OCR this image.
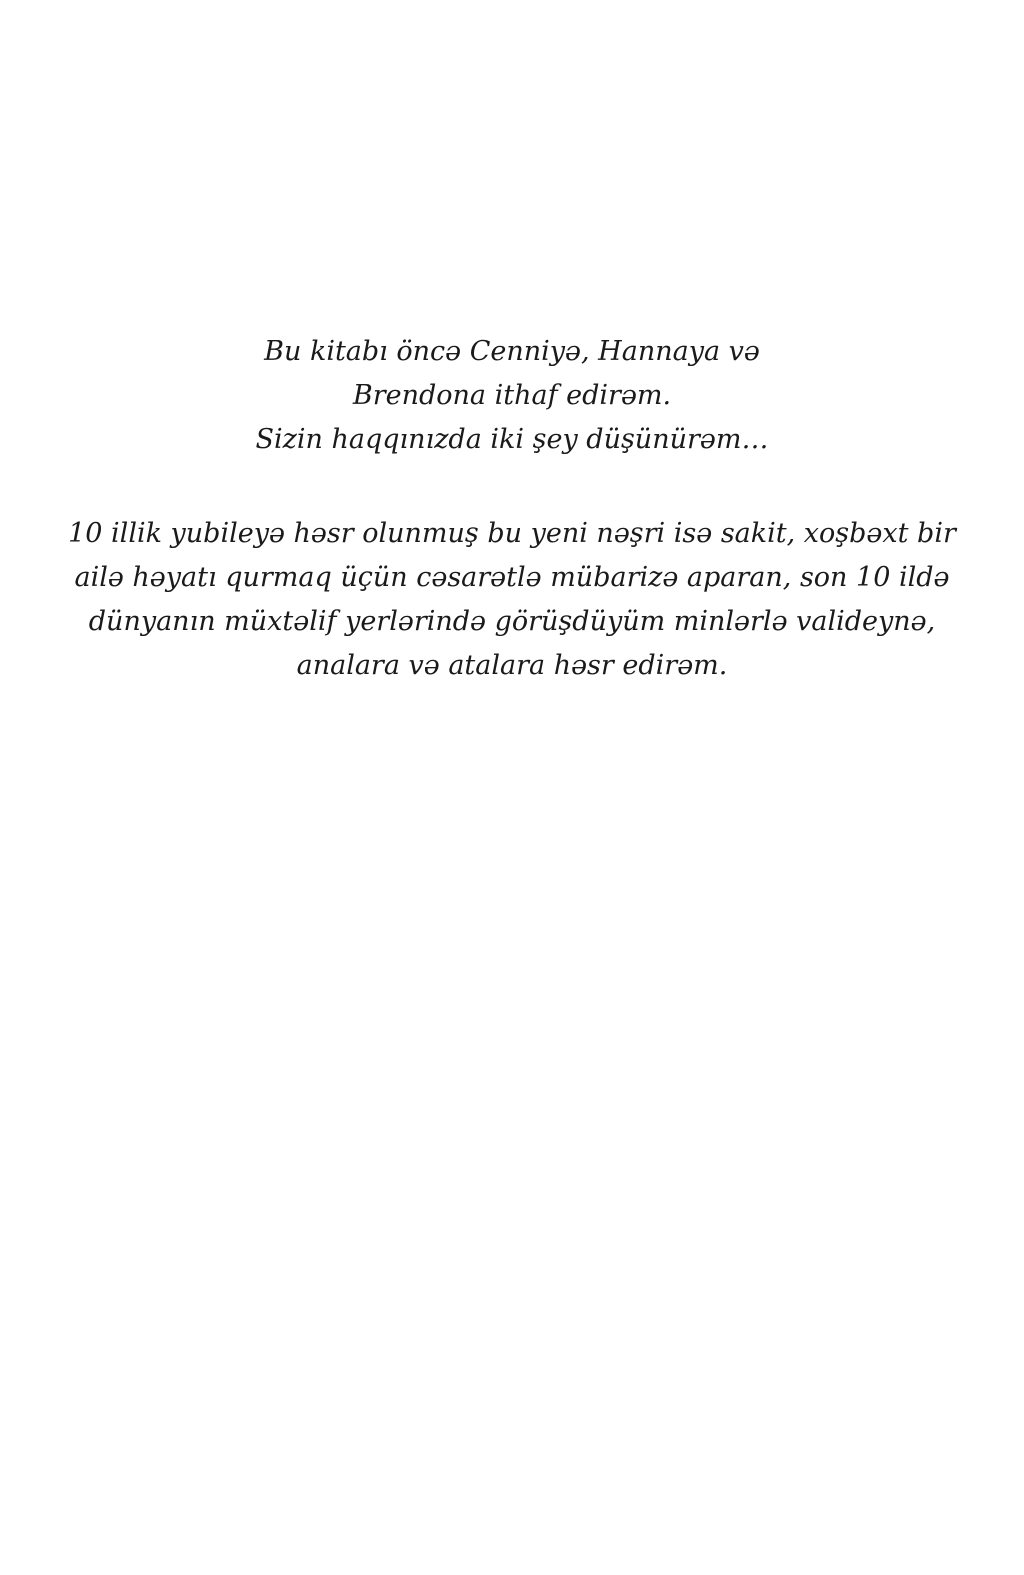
Bu kitabı öncə Cenniyə, Hannaya və
Brendona ithaf edirəm.
Sizin haqqınızda iki şey düşünürəm…
10 illik yubileyə həsr olunmuş bu yeni nəşri isə sakit, xoşbəxt bir
ailə həyatı qurmaq üçün cəsarətlə mübarizə aparan, son 10 ildə
dünyanın müxtəlif yerlərində görüşdüyüm minlərlə valideynə,
analara və atalara həsr edirəm.
